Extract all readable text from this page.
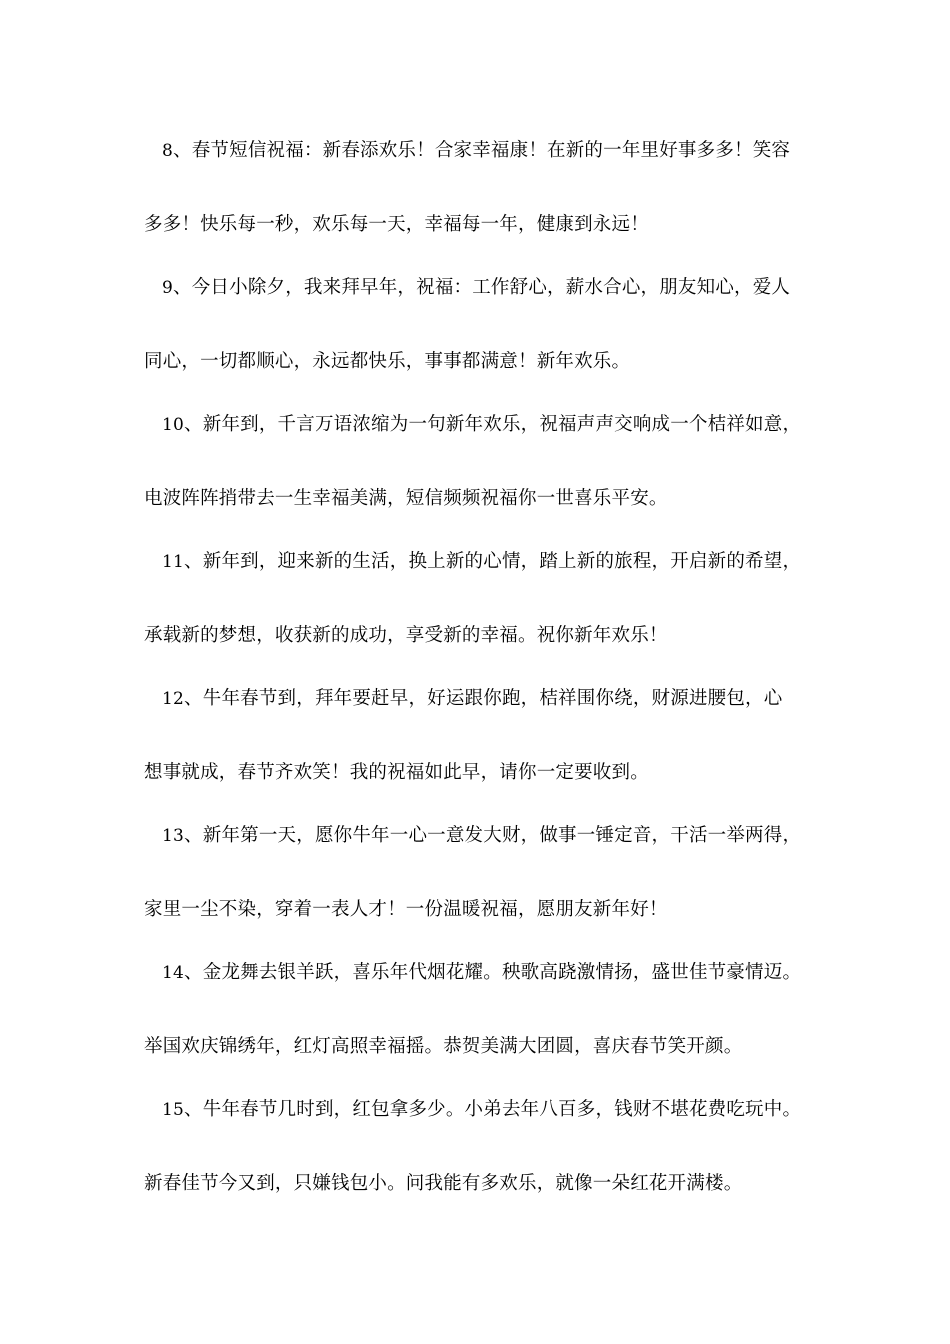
8、春节短信祝福：新春添欢乐！合家幸福康！在新的一年里好事多多！笑容
多多！快乐每一秒，欢乐每一天，幸福每一年，健康到永远！
9、今日小除夕，我来拜早年，祝福：工作舒心，薪水合心，朋友知心，爱人
同心，一切都顺心，永远都快乐，事事都满意！新年欢乐。
10、新年到，千言万语浓缩为一句新年欢乐，祝福声声交响成一个桔祥如意，
电波阵阵捎带去一生幸福美满，短信频频祝福你一世喜乐平安。
11、新年到，迎来新的生活，换上新的心情，踏上新的旅程，开启新的希望，
承载新的梦想，收获新的成功，享受新的幸福。祝你新年欢乐！
12、牛年春节到，拜年要赶早，好运跟你跑，桔祥围你绕，财源进腰包，心
想事就成，春节齐欢笑！我的祝福如此早，请你一定要收到。
13、新年第一天，愿你牛年一心一意发大财，做事一锤定音，干活一举两得，
家里一尘不染，穿着一表人才！一份温暖祝福，愿朋友新年好！
14、金龙舞去银羊跃，喜乐年代烟花耀。秧歌高跷激情扬，盛世佳节豪情迈。
举国欢庆锦绣年，红灯高照幸福摇。恭贺美满大团圆，喜庆春节笑开颜。
15、牛年春节几时到，红包拿多少。小弟去年八百多，钱财不堪花费吃玩中。
新春佳节今又到，只嫌钱包小。问我能有多欢乐，就像一朵红花开满楼。
